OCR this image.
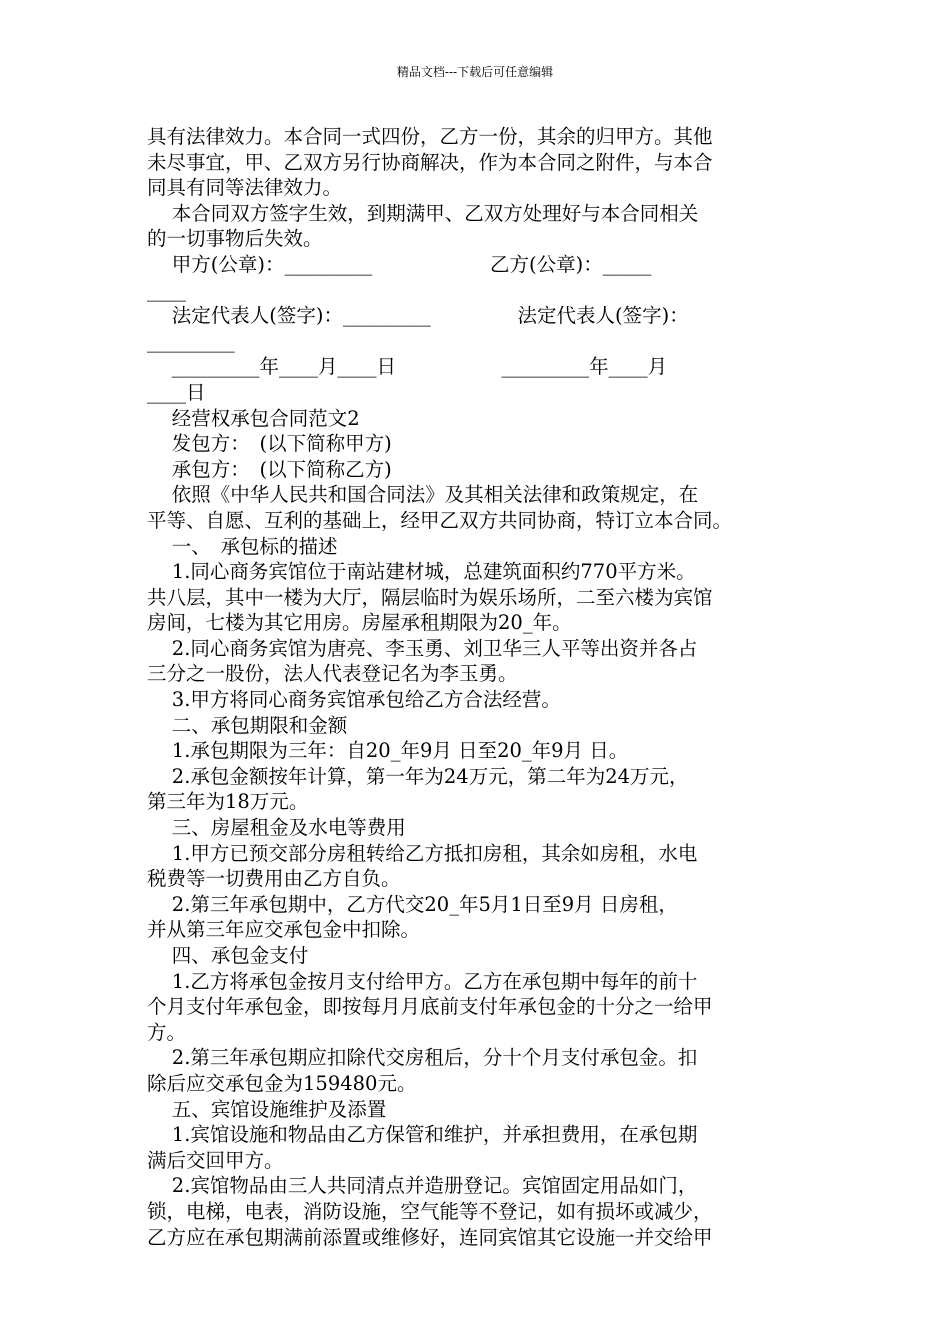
精品文档---下载后可任意编辑
具有法律效力。本合同一式四份，乙方一份，其余的归甲方。其他
未尽事宜，甲、乙双方另行协商解决，作为本合同之附件，与本合
同具有同等法律效力。
本合同双方签字生效，到期满甲、乙双方处理好与本合同相关
的一切事物后失效。
甲方(公章)：_________                   乙方(公章)：_____
____
法定代表人(签字)：_________              法定代表人(签字)：
_________
_________年____月____日                 _________年____月
____日
经营权承包合同范文2
发包方：　(以下简称甲方)
承包方：　(以下简称乙方)
依照《中华人民共和国合同法》及其相关法律和政策规定，在
平等、自愿、互利的基础上，经甲乙双方共同协商，特订立本合同。
一、　承包标的描述
1.同心商务宾馆位于南站建材城，总建筑面积约770平方米。
共八层，其中一楼为大厅，隔层临时为娱乐场所，二至六楼为宾馆
房间，七楼为其它用房。房屋承租期限为20_年。
2.同心商务宾馆为唐亮、李玉勇、刘卫华三人平等出资并各占
三分之一股份，法人代表登记名为李玉勇。
3.甲方将同心商务宾馆承包给乙方合法经营。
二、承包期限和金额
1.承包期限为三年：自20_年9月 日至20_年9月 日。
2.承包金额按年计算，第一年为24万元，第二年为24万元，
第三年为18万元。
三、房屋租金及水电等费用
1.甲方已预交部分房租转给乙方抵扣房租，其余如房租，水电
税费等一切费用由乙方自负。
2.第三年承包期中，乙方代交20_年5月1日至9月 日房租，
并从第三年应交承包金中扣除。
四、承包金支付
1.乙方将承包金按月支付给甲方。乙方在承包期中每年的前十
个月支付年承包金，即按每月月底前支付年承包金的十分之一给甲
方。
2.第三年承包期应扣除代交房租后，分十个月支付承包金。扣
除后应交承包金为159480元。
五、宾馆设施维护及添置
1.宾馆设施和物品由乙方保管和维护，并承担费用，在承包期
满后交回甲方。
2.宾馆物品由三人共同清点并造册登记。宾馆固定用品如门，
锁，电梯，电表，消防设施，空气能等不登记，如有损坏或减少，
乙方应在承包期满前添置或维修好，连同宾馆其它设施一并交给甲
